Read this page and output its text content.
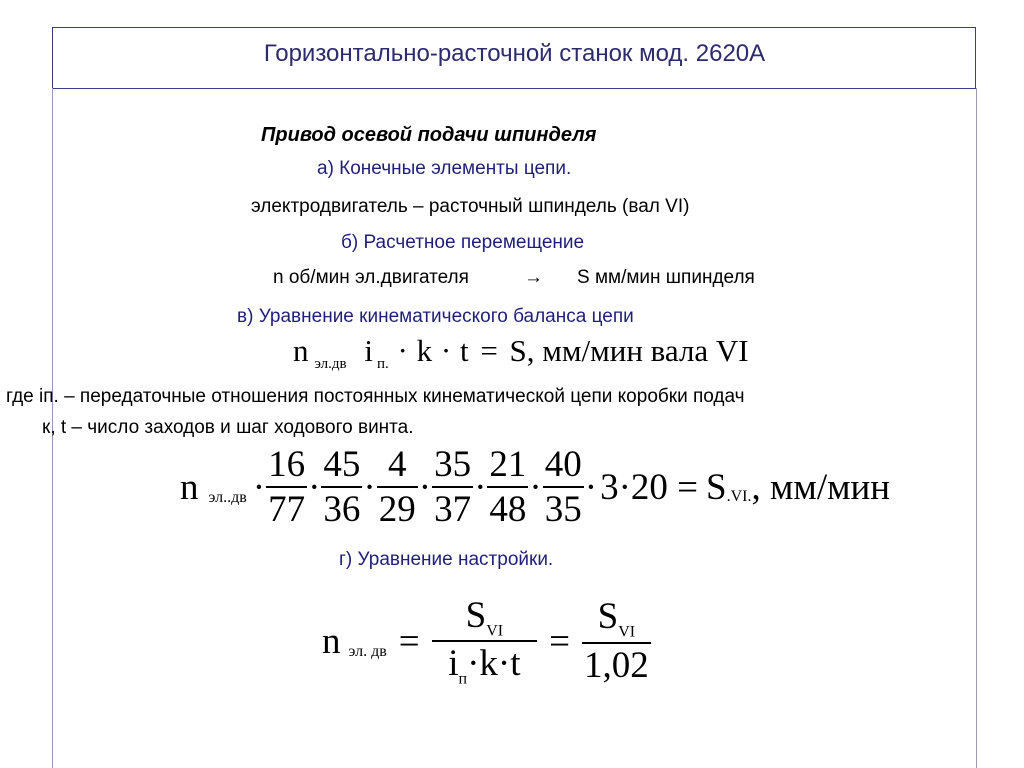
Горизонтально-расточной станок мод. 2620А
Привод осевой подачи шпинделя
а) Конечные элементы цепи.
электродвигатель – расточный шпиндель (вал VI)
б) Расчетное перемещение
n об/мин эл.двигателя	→ S мм/мин шпинделя
в) Уравнение кинематического баланса цепи
n $_{эл.дв}$ i $_{п.}$ · k · t = S, мм/мин вала VI
где iп. – передаточные отношения постоянных кинематической цепи коробки подач
к, t – число заходов и шаг ходового винта.
n $эл..дв \cdot \frac{16}{77} \cdot \frac{45}{36} \cdot \frac{4}{29} \cdot \frac{35}{37} \cdot \frac{21}{48} \cdot \frac{40}{35} \cdot 3\cdot 20 = S$ .VI. , мм/мин
г) Уравнение настройки.
n эл. дв = $\frac{S_{VI}}{i_п\cdot k\cdot t} = \frac{S_{VI}}{1,02}$
